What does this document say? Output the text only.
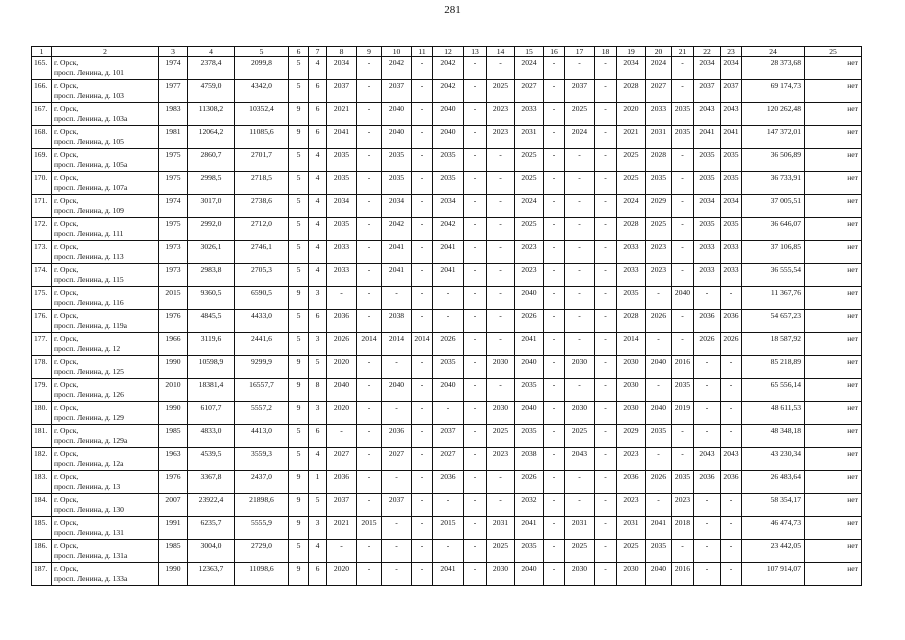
281
1	2	3	4	5	6	7	8	9	10	11	12	13	14	15	16	17	18	19	20	21	22	23	24	25
165.	г. Орск,
просп. Ленина, д. 101	1974	2378,4	2099,8	5	4	2034	-	2042	-	2042	-	-	2024	-	-	-	2034	2024	-	2034	2034	28 373,68	нет
166.	г. Орск,
просп. Ленина, д. 103	1977	4759,0	4342,0	5	6	2037	-	2037	-	2042	-	2025	2027	-	2037	-	2028	2027	-	2037	2037	69 174,73	нет
167.	г. Орск,
просп. Ленина, д. 103а	1983	11308,2	10352,4	9	6	2021	-	2040	-	2040	-	2023	2033	-	2025	-	2020	2033	2035	2043	2043	120 262,48	нет
168.	г. Орск,
просп. Ленина, д. 105	1981	12064,2	11085,6	9	6	2041	-	2040	-	2040	-	2023	2031	-	2024	-	2021	2031	2035	2041	2041	147 372,01	нет
169.	г. Орск,
просп. Ленина, д. 105а	1975	2860,7	2701,7	5	4	2035	-	2035	-	2035	-	-	2025	-	-	-	2025	2028	-	2035	2035	36 506,89	нет
170.	г. Орск,
просп. Ленина, д. 107а	1975	2998,5	2718,5	5	4	2035	-	2035	-	2035	-	-	2025	-	-	-	2025	2035	-	2035	2035	36 733,91	нет
171.	г. Орск,
просп. Ленина, д. 109	1974	3017,0	2738,6	5	4	2034	-	2034	-	2034	-	-	2024	-	-	-	2024	2029	-	2034	2034	37 005,51	нет
172.	г. Орск,
просп. Ленина, д. 111	1975	2992,0	2712,0	5	4	2035	-	2042	-	2042	-	-	2025	-	-	-	2028	2025	-	2035	2035	36 646,07	нет
173.	г. Орск,
просп. Ленина, д. 113	1973	3026,1	2746,1	5	4	2033	-	2041	-	2041	-	-	2023	-	-	-	2033	2023	-	2033	2033	37 106,85	нет
174.	г. Орск,
просп. Ленина, д. 115	1973	2983,8	2705,3	5	4	2033	-	2041	-	2041	-	-	2023	-	-	-	2033	2023	-	2033	2033	36 555,54	нет
175.	г. Орск,
просп. Ленина, д. 116	2015	9360,5	6590,5	9	3	-	-	-	-	-	-	-	2040	-	-	-	2035	-	2040	-	-	11 367,76	нет
176.	г. Орск,
просп. Ленина, д. 119а	1976	4845,5	4433,0	5	6	2036	-	2038	-	-	-	-	2026	-	-	-	2028	2026	-	2036	2036	54 657,23	нет
177.	г. Орск,
просп. Ленина, д. 12	1966	3119,6	2441,6	5	3	2026	2014	2014	2014	2026	-	-	2041	-	-	-	2014	-	-	2026	2026	18 587,92	нет
178.	г. Орск,
просп. Ленина, д. 125	1990	10598,9	9299,9	9	5	2020	-	-	-	2035	-	2030	2040	-	2030	-	2030	2040	2016	-	-	85 218,89	нет
179.	г. Орск,
просп. Ленина, д. 126	2010	18381,4	16557,7	9	8	2040	-	2040	-	2040	-	-	2035	-	-	-	2030	-	2035	-	-	65 556,14	нет
180.	г. Орск,
просп. Ленина, д. 129	1990	6107,7	5557,2	9	3	2020	-	-	-	-	-	2030	2040	-	2030	-	2030	2040	2019	-	-	48 611,53	нет
181.	г. Орск,
просп. Ленина, д. 129а	1985	4833,0	4413,0	5	6	-	-	2036	-	2037	-	2025	2035	-	2025	-	2029	2035	-	-	-	48 348,18	нет
182.	г. Орск,
просп. Ленина, д. 12а	1963	4539,5	3559,3	5	4	2027	-	2027	-	2027	-	2023	2038	-	2043	-	2023	-	-	2043	2043	43 230,34	нет
183.	г. Орск,
просп. Ленина, д. 13	1976	3367,8	2437,0	9	1	2036	-	-	-	2036	-	-	2026	-	-	-	2036	2026	2035	2036	2036	26 483,64	нет
184.	г. Орск,
просп. Ленина, д. 130	2007	23922,4	21898,6	9	5	2037	-	2037	-	-	-	-	2032	-	-	-	2023	-	2023	-	-	58 354,17	нет
185.	г. Орск,
просп. Ленина, д. 131	1991	6235,7	5555,9	9	3	2021	2015	-	-	2015	-	2031	2041	-	2031	-	2031	2041	2018	-	-	46 474,73	нет
186.	г. Орск,
просп. Ленина, д. 131а	1985	3004,0	2729,0	5	4	-	-	-	-	-	-	2025	2035	-	2025	-	2025	2035	-	-	-	23 442,05	нет
187.	г. Орск,
просп. Ленина, д. 133а	1990	12363,7	11098,6	9	6	2020	-	-	-	2041	-	2030	2040	-	2030	-	2030	2040	2016	-	-	107 914,07	нет
